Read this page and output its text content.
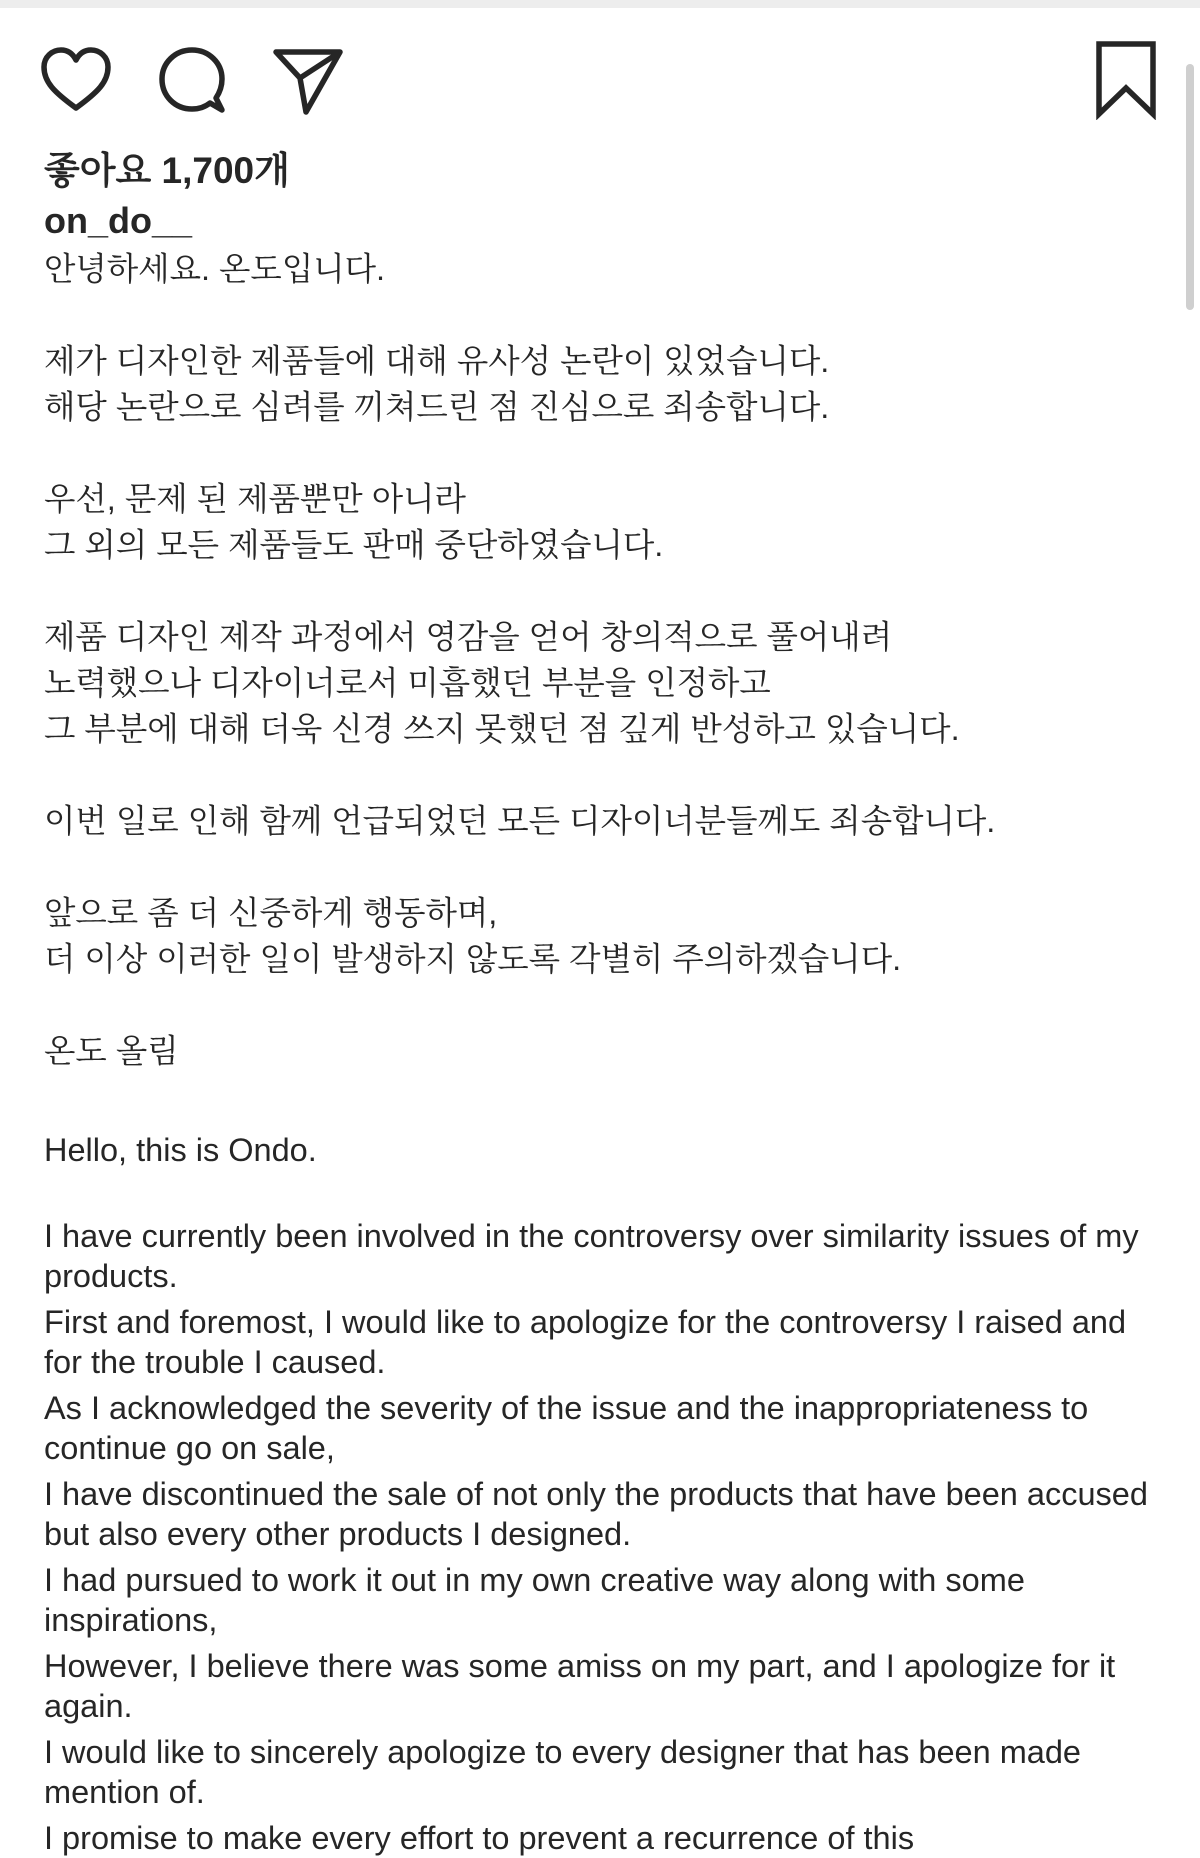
좋아요 1,700개
on_do__

안녕하세요. 온도입니다.

제가 디자인한 제품들에 대해 유사성 논란이 있었습니다.
해당 논란으로 심려를 끼쳐드린 점 진심으로 죄송합니다.

우선, 문제 된 제품뿐만 아니라
그 외의 모든 제품들도 판매 중단하였습니다.

제품 디자인 제작 과정에서 영감을 얻어 창의적으로 풀어내려
노력했으나 디자이너로서 미흡했던 부분을 인정하고
그 부분에 대해 더욱 신경 쓰지 못했던 점 깊게 반성하고 있습니다.

이번 일로 인해 함께 언급되었던 모든 디자이너분들께도 죄송합니다.

앞으로 좀 더 신중하게 행동하며,
더 이상 이러한 일이 발생하지 않도록 각별히 주의하겠습니다.

온도 올림

Hello, this is Ondo.

I have currently been involved in the controversy over similarity issues of my products.

First and foremost, I would like to apologize for the controversy I raised and for the trouble I caused.

As I acknowledged the severity of the issue and the inappropriateness to continue go on sale,

I have discontinued the sale of not only the products that have been accused but also every other products I designed.

I had pursued to work it out in my own creative way along with some inspirations,

However, I believe there was some amiss on my part, and I apologize for it again.

I would like to sincerely apologize to every designer that has been made mention of.

I promise to make every effort to prevent a recurrence of this
